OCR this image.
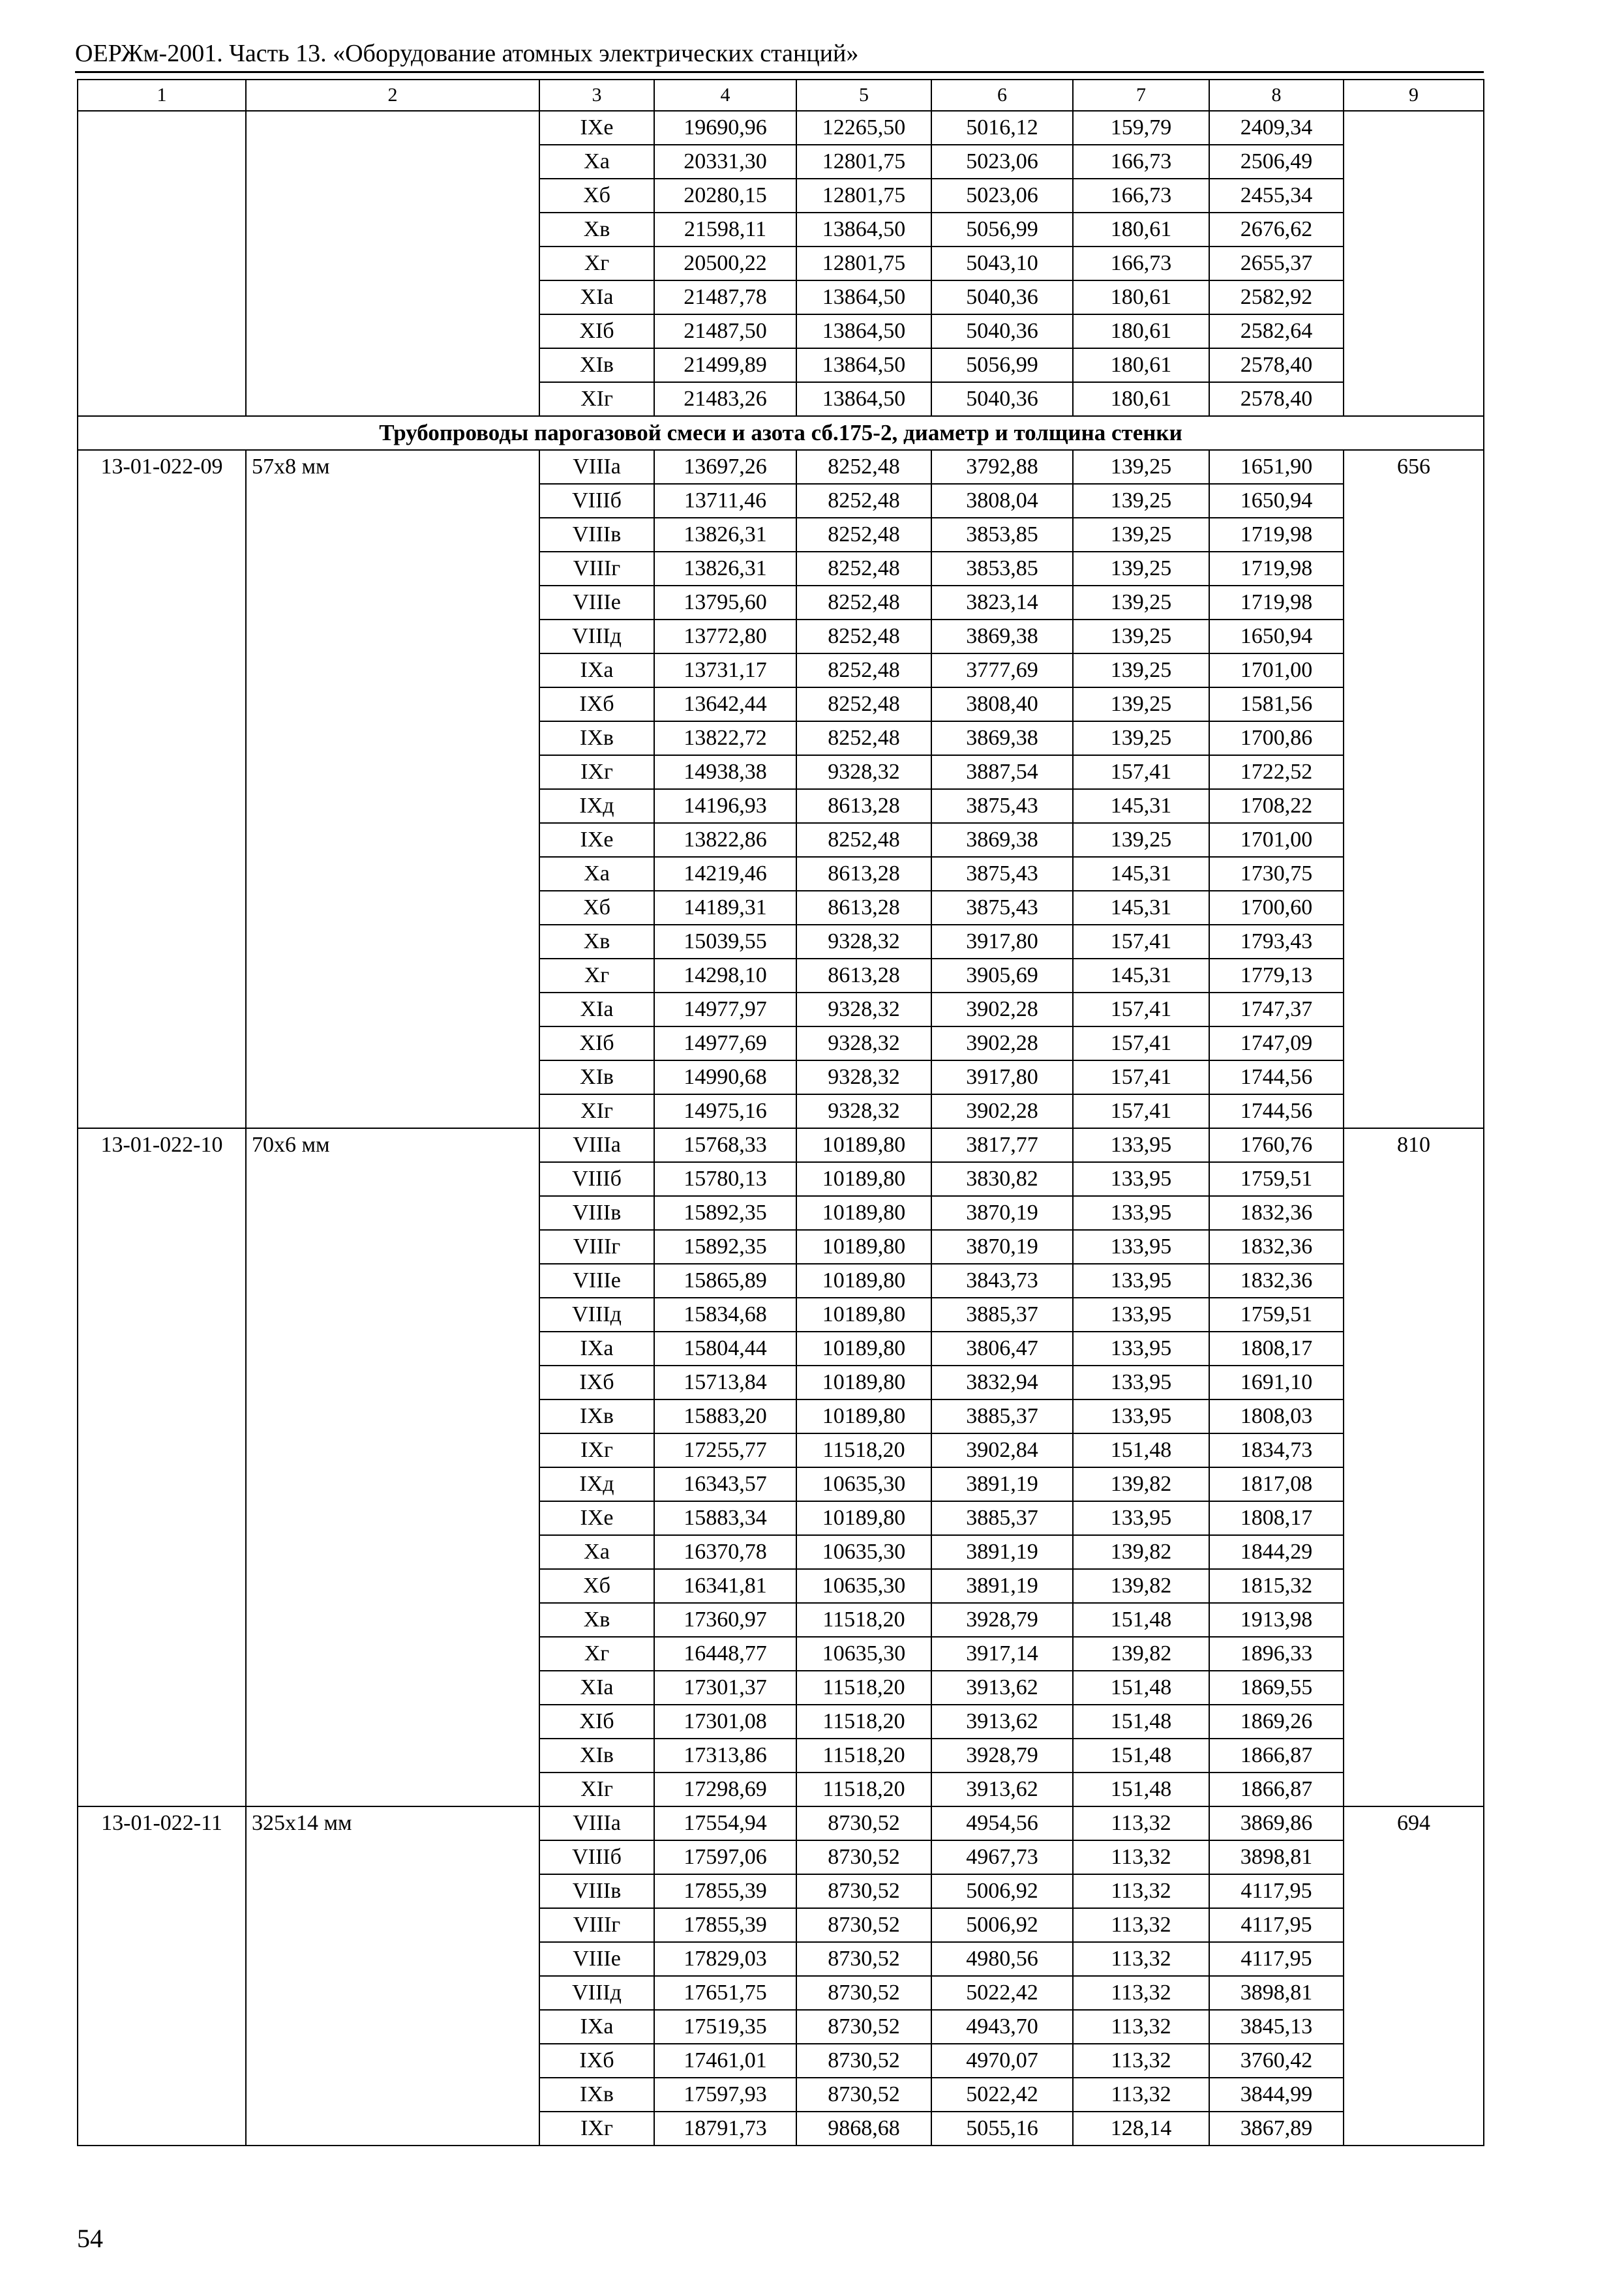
ОЕРЖм-2001. Часть 13. «Оборудование атомных электрических станций»
1	2	3	4	5	6	7	8	9
		IXе	19690,96	12265,50	5016,12	159,79	2409,34	
		Xа	20331,30	12801,75	5023,06	166,73	2506,49	
		Xб	20280,15	12801,75	5023,06	166,73	2455,34	
		Xв	21598,11	13864,50	5056,99	180,61	2676,62	
		Xг	20500,22	12801,75	5043,10	166,73	2655,37	
		XIа	21487,78	13864,50	5040,36	180,61	2582,92	
		XIб	21487,50	13864,50	5040,36	180,61	2582,64	
		XIв	21499,89	13864,50	5056,99	180,61	2578,40	
		XIг	21483,26	13864,50	5040,36	180,61	2578,40	
Трубопроводы парогазовой смеси и азота сб.175-2, диаметр и толщина стенки								
13-01-022-09	57х8 мм	VIIIа	13697,26	8252,48	3792,88	139,25	1651,90	656
		VIIIб	13711,46	8252,48	3808,04	139,25	1650,94	
		VIIIв	13826,31	8252,48	3853,85	139,25	1719,98	
		VIIIг	13826,31	8252,48	3853,85	139,25	1719,98	
		VIIIе	13795,60	8252,48	3823,14	139,25	1719,98	
		VIIIд	13772,80	8252,48	3869,38	139,25	1650,94	
		IXа	13731,17	8252,48	3777,69	139,25	1701,00	
		IXб	13642,44	8252,48	3808,40	139,25	1581,56	
		IXв	13822,72	8252,48	3869,38	139,25	1700,86	
		IXг	14938,38	9328,32	3887,54	157,41	1722,52	
		IXд	14196,93	8613,28	3875,43	145,31	1708,22	
		IXе	13822,86	8252,48	3869,38	139,25	1701,00	
		Xа	14219,46	8613,28	3875,43	145,31	1730,75	
		Xб	14189,31	8613,28	3875,43	145,31	1700,60	
		Xв	15039,55	9328,32	3917,80	157,41	1793,43	
		Xг	14298,10	8613,28	3905,69	145,31	1779,13	
		XIа	14977,97	9328,32	3902,28	157,41	1747,37	
		XIб	14977,69	9328,32	3902,28	157,41	1747,09	
		XIв	14990,68	9328,32	3917,80	157,41	1744,56	
		XIг	14975,16	9328,32	3902,28	157,41	1744,56	
13-01-022-10	70х6 мм	VIIIа	15768,33	10189,80	3817,77	133,95	1760,76	810
		VIIIб	15780,13	10189,80	3830,82	133,95	1759,51	
		VIIIв	15892,35	10189,80	3870,19	133,95	1832,36	
		VIIIг	15892,35	10189,80	3870,19	133,95	1832,36	
		VIIIе	15865,89	10189,80	3843,73	133,95	1832,36	
		VIIIд	15834,68	10189,80	3885,37	133,95	1759,51	
		IXа	15804,44	10189,80	3806,47	133,95	1808,17	
		IXб	15713,84	10189,80	3832,94	133,95	1691,10	
		IXв	15883,20	10189,80	3885,37	133,95	1808,03	
		IXг	17255,77	11518,20	3902,84	151,48	1834,73	
		IXд	16343,57	10635,30	3891,19	139,82	1817,08	
		IXе	15883,34	10189,80	3885,37	133,95	1808,17	
		Xа	16370,78	10635,30	3891,19	139,82	1844,29	
		Xб	16341,81	10635,30	3891,19	139,82	1815,32	
		Xв	17360,97	11518,20	3928,79	151,48	1913,98	
		Xг	16448,77	10635,30	3917,14	139,82	1896,33	
		XIа	17301,37	11518,20	3913,62	151,48	1869,55	
		XIб	17301,08	11518,20	3913,62	151,48	1869,26	
		XIв	17313,86	11518,20	3928,79	151,48	1866,87	
		XIг	17298,69	11518,20	3913,62	151,48	1866,87	
13-01-022-11	325х14 мм	VIIIа	17554,94	8730,52	4954,56	113,32	3869,86	694
		VIIIб	17597,06	8730,52	4967,73	113,32	3898,81	
		VIIIв	17855,39	8730,52	5006,92	113,32	4117,95	
		VIIIг	17855,39	8730,52	5006,92	113,32	4117,95	
		VIIIе	17829,03	8730,52	4980,56	113,32	4117,95	
		VIIIд	17651,75	8730,52	5022,42	113,32	3898,81	
		IXа	17519,35	8730,52	4943,70	113,32	3845,13	
		IXб	17461,01	8730,52	4970,07	113,32	3760,42	
		IXв	17597,93	8730,52	5022,42	113,32	3844,99	
		IXг	18791,73	9868,68	5055,16	128,14	3867,89	
54
